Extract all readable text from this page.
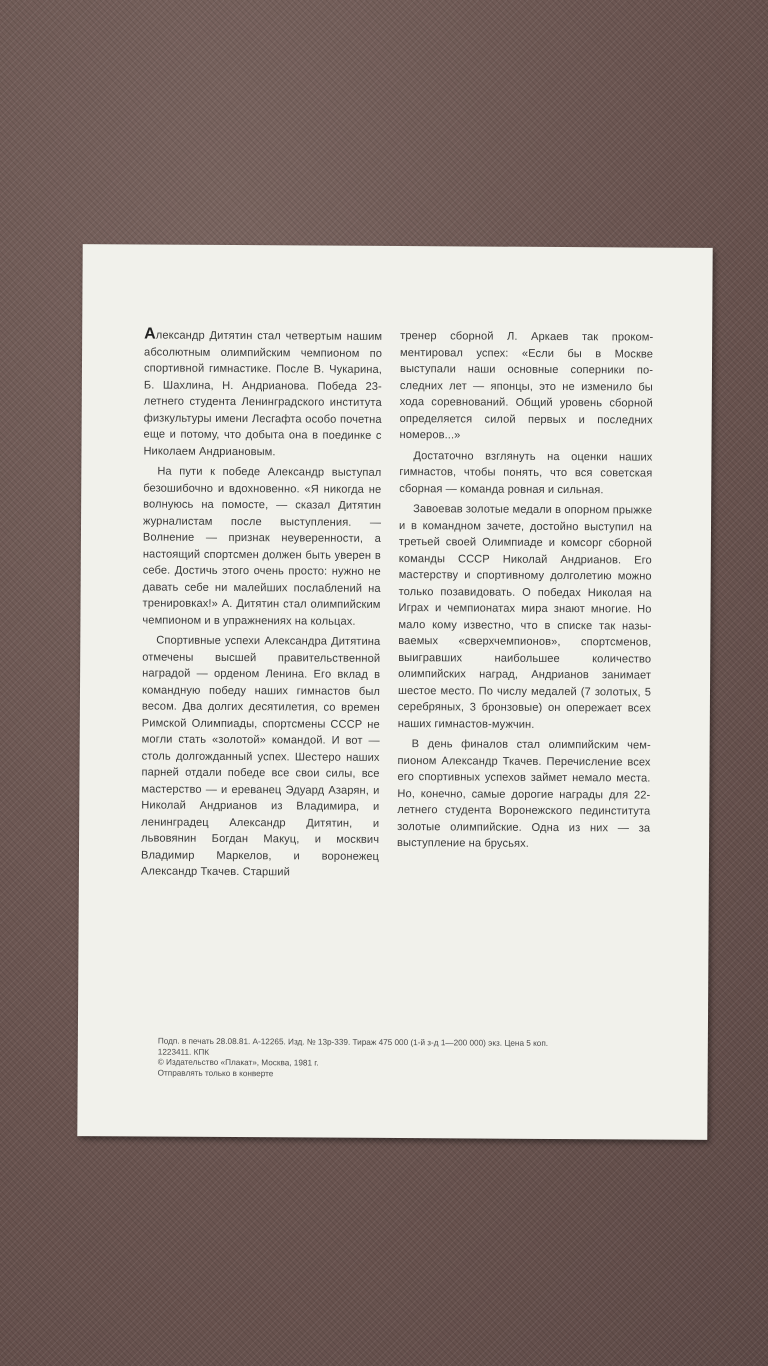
Александр Дитятин стал четвертым нашим абсолютным олимпийским чемпионом по спортивной гимнастике. После В. Чукарина, Б. Шахлина, Н. Андрианова. Победа 23-летнего студента Ленинградского института физкультуры имени Лесгафта особо почетна еще и потому, что добыта она в поединке с Николаем Андриановым.

На пути к победе Александр выступал безошибочно и вдохновенно. «Я никогда не волнуюсь на помосте, — сказал Дитятин журналистам после выступления. — Волнение — признак неуверенности, а настоящий спортсмен должен быть уверен в себе. Достичь этого очень просто: нужно не давать себе ни малейших послаблений на тренировках!» А. Дитятин стал олимпийским чемпионом и в упражнениях на кольцах.

Спортивные успехи Александра Дитятина отмечены высшей правительственной наградой — орденом Ленина. Его вклад в командную победу наших гимнастов был весом. Два долгих десятилетия, со времен Римской Олимпиады, спортсмены СССР не могли стать «золотой» командой. И вот — столь долгожданный успех. Шестеро наших парней отдали победе все свои силы, все мастерство — и ереванец Эдуард Азарян, и Николай Андрианов из Владимира, и ленинградец Александр Дитятин, и львовянин Богдан Макуц, и москвич Владимир Маркелов, и воронежец Александр Ткачев. Старший

тренер сборной Л. Аркаев так прокомментировал успех: «Если бы в Москве выступали наши основные соперники последних лет — японцы, это не изменило бы хода соревнований. Общий уровень сборной определяется силой первых и последних номеров...»

Достаточно взглянуть на оценки наших гимнастов, чтобы понять, что вся советская сборная — команда ровная и сильная.

Завоевав золотые медали в опорном прыжке и в командном зачете, достойно выступил на третьей своей Олимпиаде и комсорг сборной команды СССР Николай Андрианов. Его мастерству и спортивному долголетию можно только позавидовать. О победах Николая на Играх и чемпионатах мира знают многие. Но мало кому известно, что в списке так называемых «сверхчемпионов», спортсменов, выигравших наибольшее количество олимпийских наград, Андрианов занимает шестое место. По числу медалей (7 золотых, 5 серебряных, 3 бронзовые) он опережает всех наших гимнастов-мужчин.

В день финалов стал олимпийским чемпионом Александр Ткачев. Перечисление всех его спортивных успехов займет немало места. Но, конечно, самые дорогие награды для 22-летнего студента Воронежского пединститута золотые олимпийские. Одна из них — за выступление на брусьях.

Подп. в печать 28.08.81. А-12265. Изд. № 13р-339. Тираж 475 000 (1-й з-д 1—200 000) экз. Цена 5 коп.
1223411. КПК
© Издательство «Плакат», Москва, 1981 г.
Отправлять только в конверте
